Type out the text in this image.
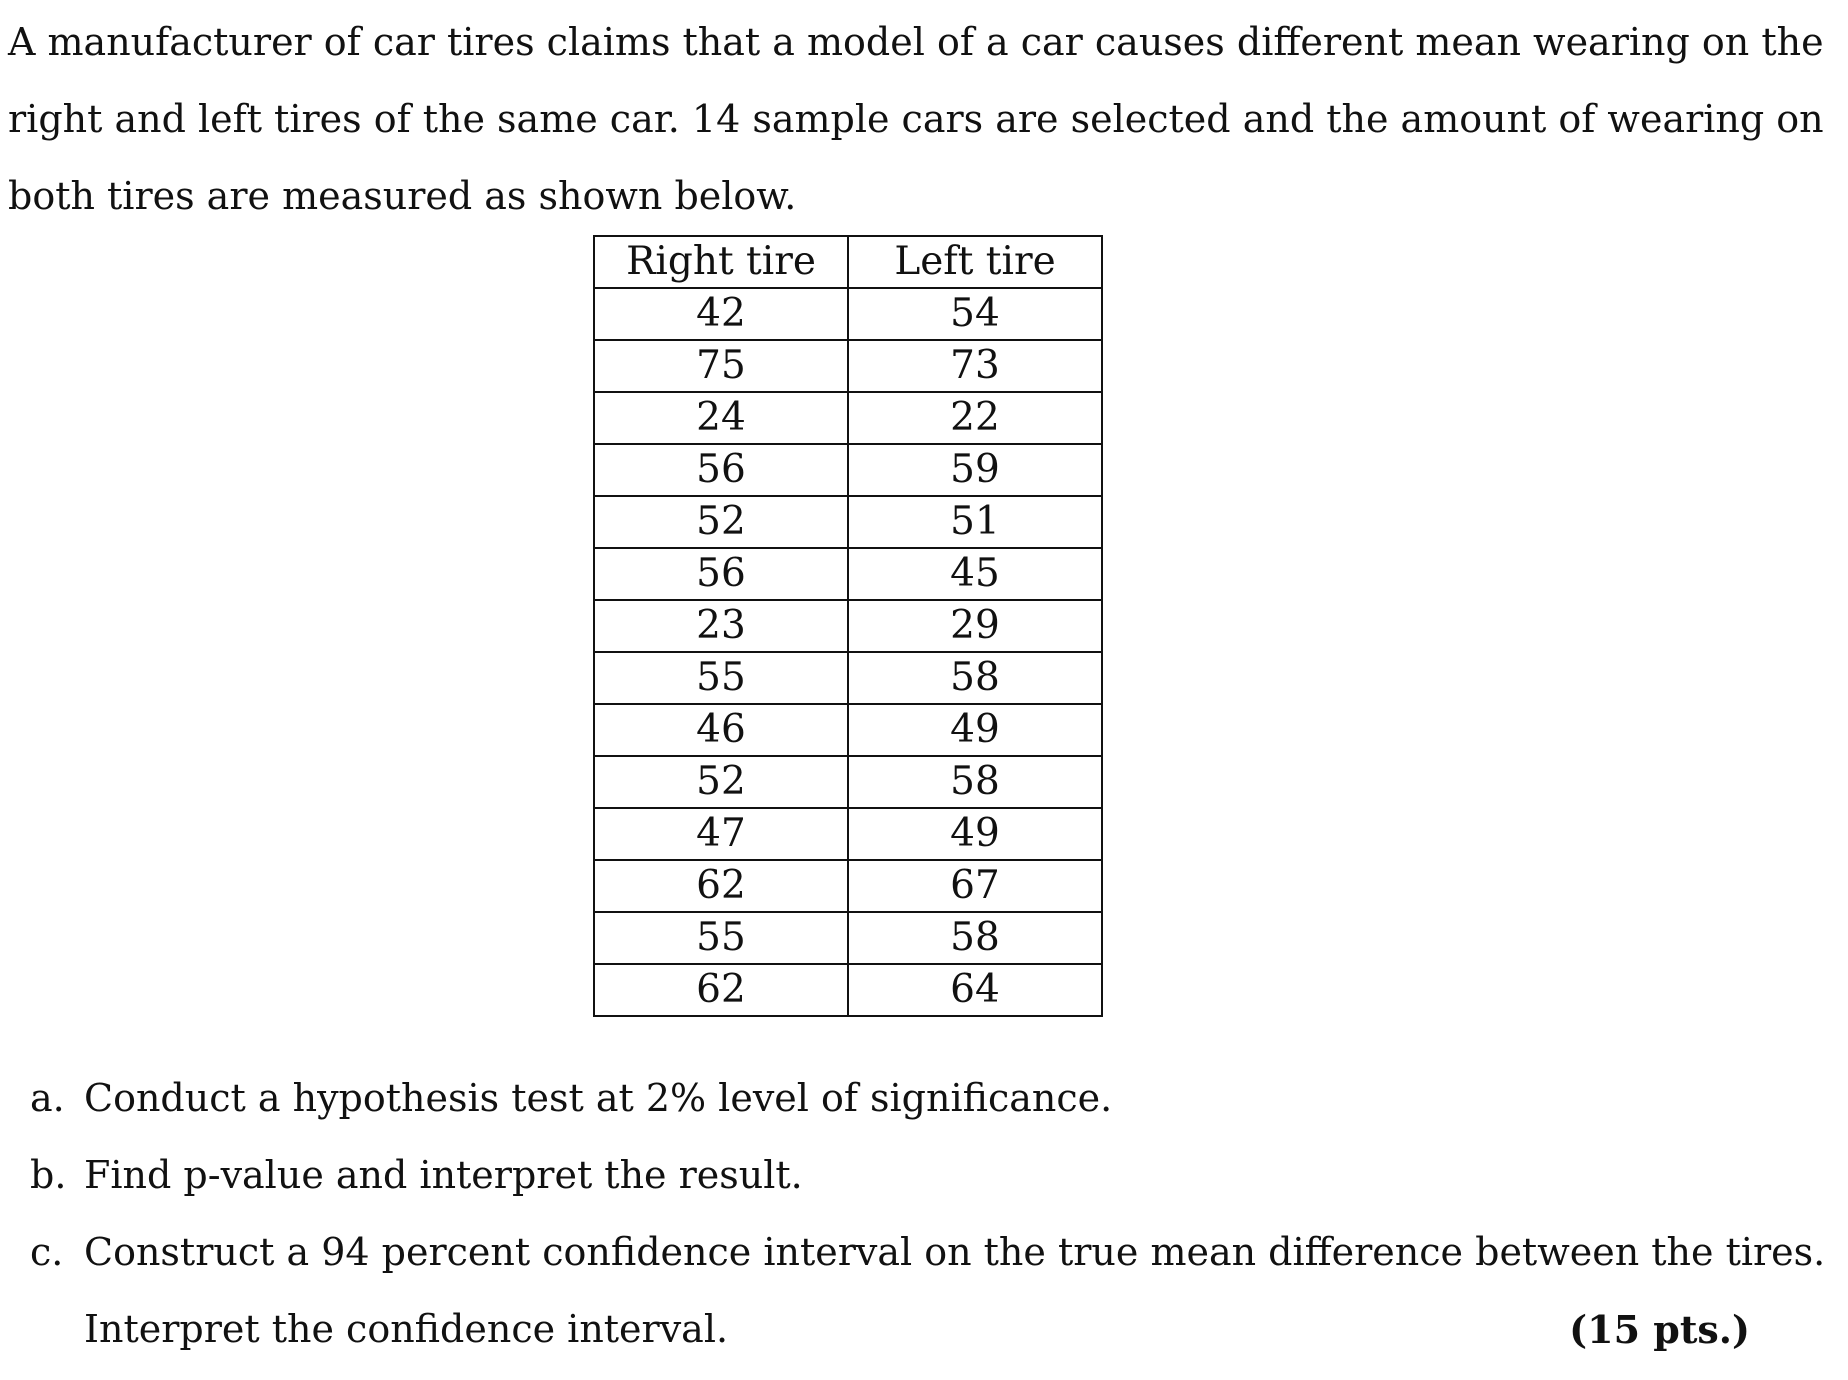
A manufacturer of car tires claims that a model of a car causes different mean wearing on the
right and left tires of the same car. 14 sample cars are selected and the amount of wearing on
both tires are measured as shown below.
Right tire	Left tire
42	54
75	73
24	22
56	59
52	51
56	45
23	29
55	58
46	49
52	58
47	49
62	67
55	58
62	64
a. Conduct a hypothesis test at 2% level of significance.
b. Find p-value and interpret the result.
c. Construct a 94 percent confidence interval on the true mean difference between the tires.
Interpret the confidence interval.	(15 pts.)
